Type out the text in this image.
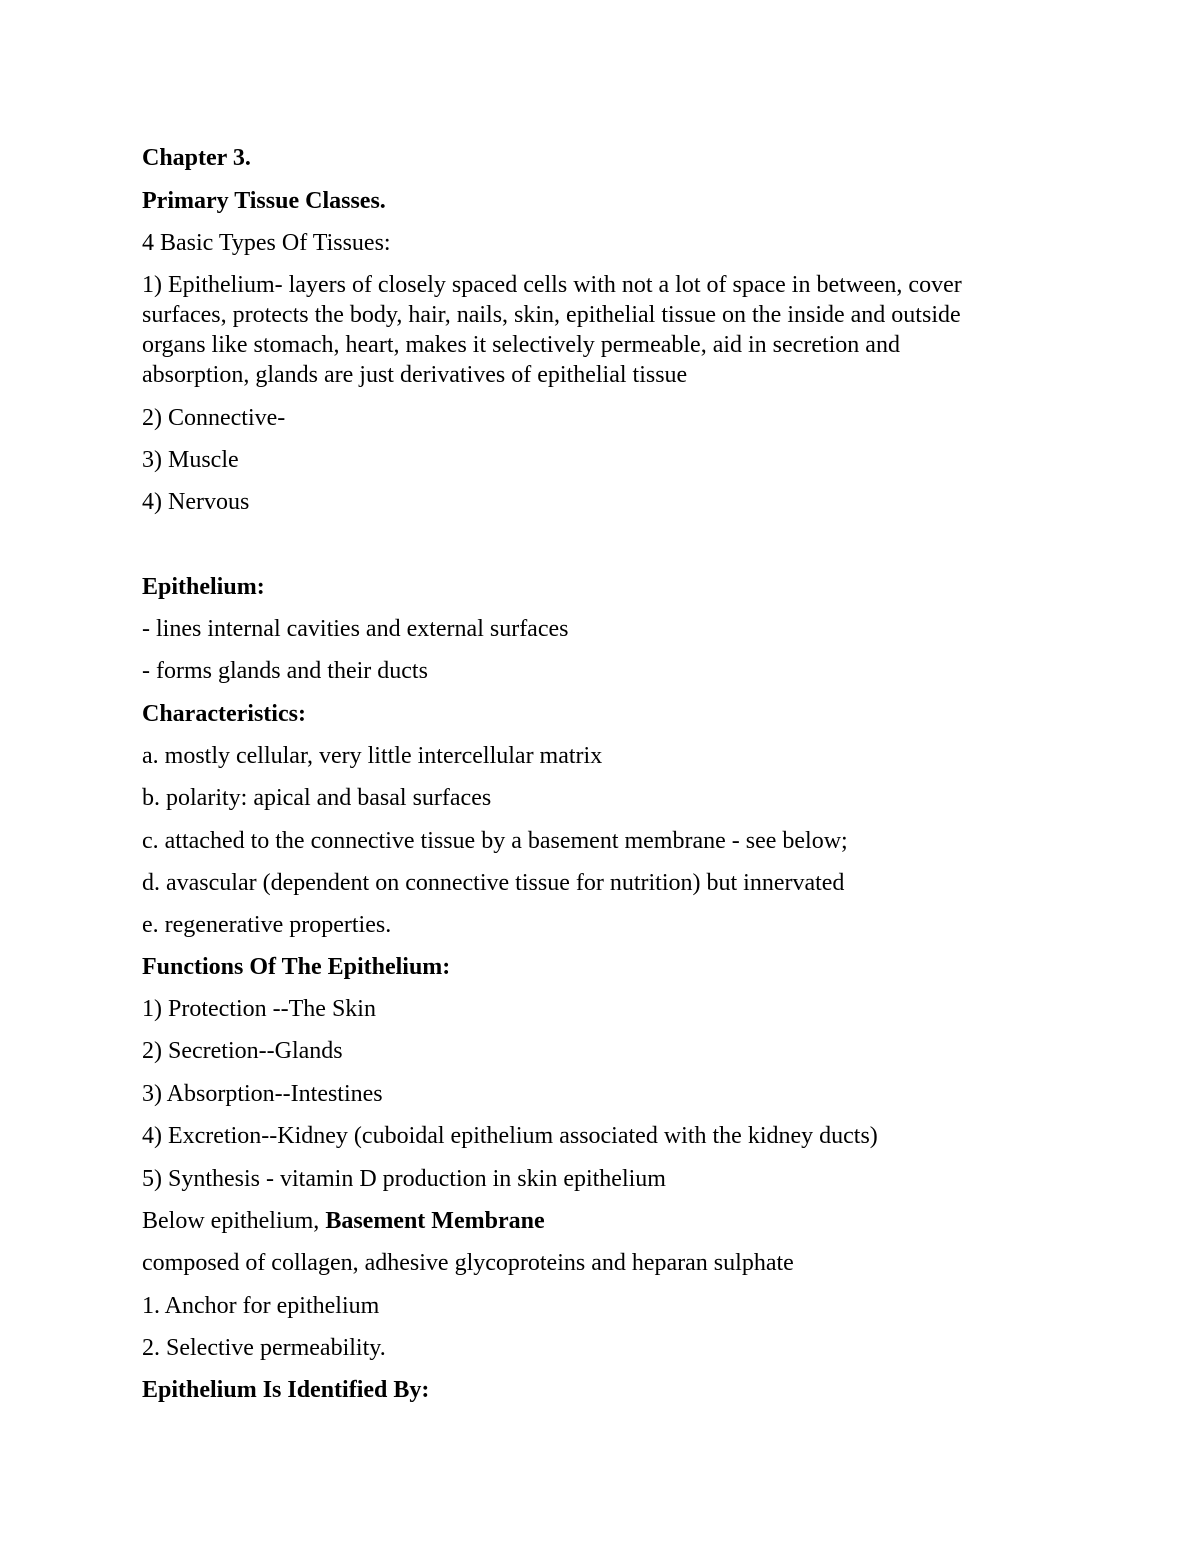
Chapter 3.
Primary Tissue Classes.
4 Basic Types Of Tissues:
1) Epithelium- layers of closely spaced cells with not a lot of space in between, cover
surfaces, protects the body, hair, nails, skin, epithelial tissue on the inside and outside
organs like stomach, heart, makes it selectively permeable, aid in secretion and
absorption, glands are just derivatives of epithelial tissue
2) Connective-
3) Muscle
4) Nervous
Epithelium:
- lines internal cavities and external surfaces
- forms glands and their ducts
Characteristics:
a. mostly cellular, very little intercellular matrix
b. polarity: apical and basal surfaces
c. attached to the connective tissue by a basement membrane - see below;
d. avascular (dependent on connective tissue for nutrition) but innervated
e. regenerative properties.
Functions Of The Epithelium:
1) Protection --The Skin
2) Secretion--Glands
3) Absorption--Intestines
4) Excretion--Kidney (cuboidal epithelium associated with the kidney ducts)
5) Synthesis - vitamin D production in skin epithelium
Below epithelium, Basement Membrane
composed of collagen, adhesive glycoproteins and heparan sulphate
1. Anchor for epithelium
2. Selective permeability.
Epithelium Is Identified By:
